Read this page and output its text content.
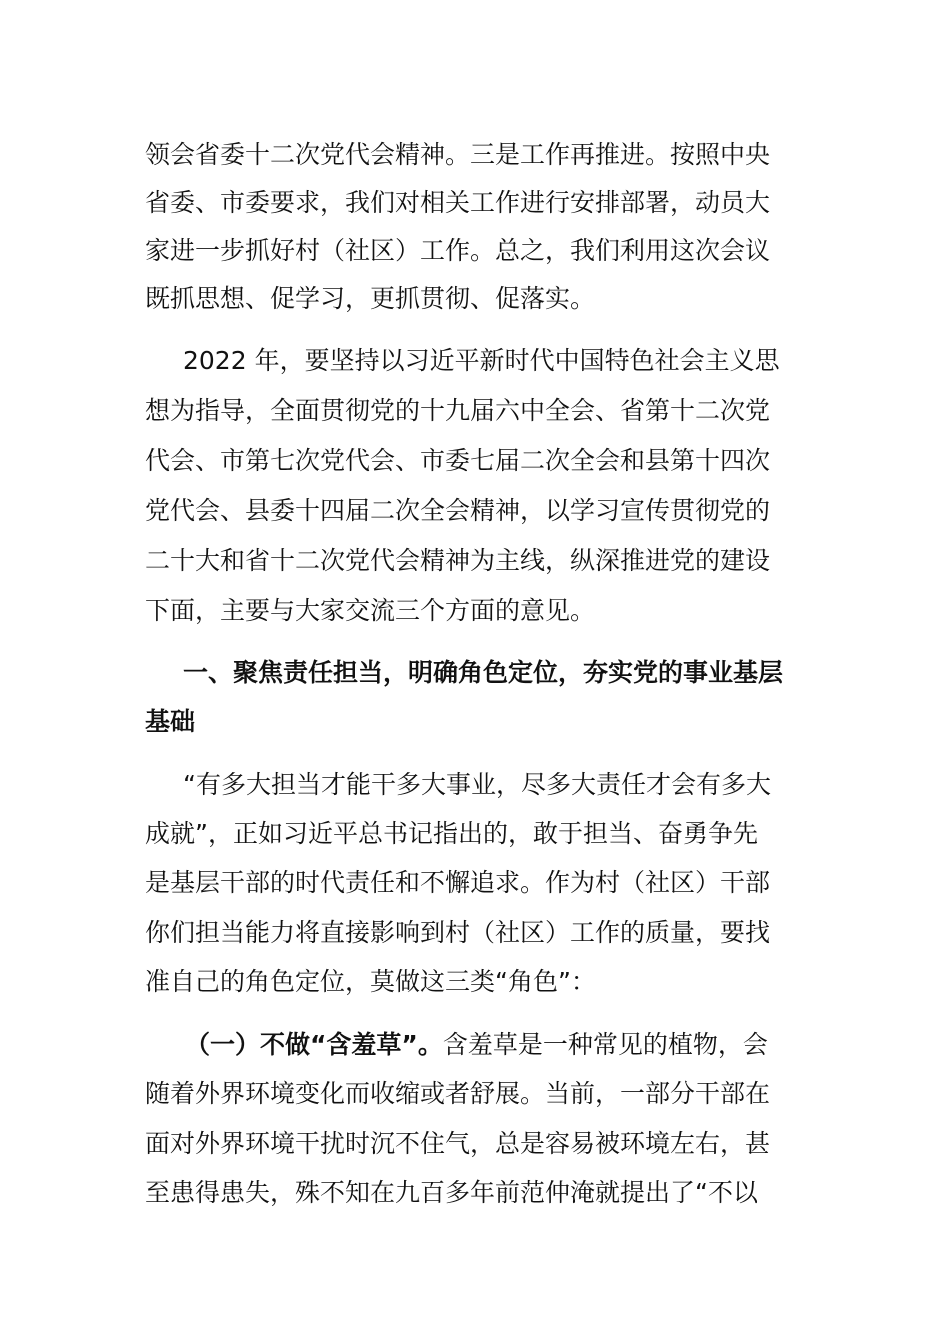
领会省委十二次党代会精神。三是工作再推进。按照中央
省委、市委要求，我们对相关工作进行安排部署，动员大
家进一步抓好村（社区）工作。总之，我们利用这次会议
既抓思想、促学习，更抓贯彻、促落实。
2022 年，要坚持以习近平新时代中国特色社会主义思
想为指导，全面贯彻党的十九届六中全会、省第十二次党
代会、市第七次党代会、市委七届二次全会和县第十四次
党代会、县委十四届二次全会精神，以学习宣传贯彻党的
二十大和省十二次党代会精神为主线，纵深推进党的建设
下面，主要与大家交流三个方面的意见。
一、聚焦责任担当，明确角色定位，夯实党的事业基层
基础
“有多大担当才能干多大事业，尽多大责任才会有多大
成就”，正如习近平总书记指出的，敢于担当、奋勇争先
是基层干部的时代责任和不懈追求。作为村（社区）干部
你们担当能力将直接影响到村（社区）工作的质量，要找
准自己的角色定位，莫做这三类“角色”：
（一）不做“含羞草”。含羞草是一种常见的植物，会
随着外界环境变化而收缩或者舒展。当前，一部分干部在
面对外界环境干扰时沉不住气，总是容易被环境左右，甚
至患得患失，殊不知在九百多年前范仲淹就提出了“不以
